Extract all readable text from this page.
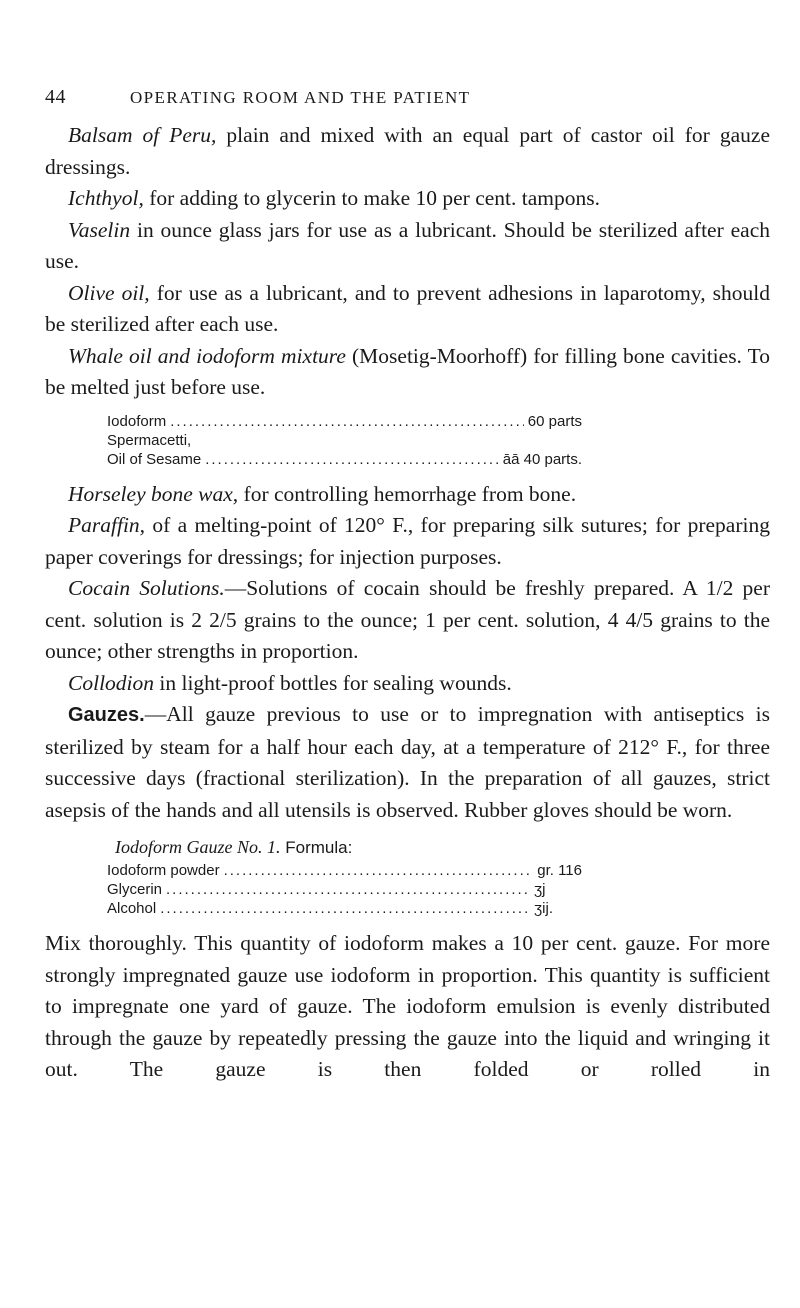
44	OPERATING ROOM AND THE PATIENT

Balsam of Peru, plain and mixed with an equal part of castor oil for gauze dressings.

Ichthyol, for adding to glycerin to make 10 per cent. tampons.

Vaselin in ounce glass jars for use as a lubricant. Should be sterilized after each use.

Olive oil, for use as a lubricant, and to prevent adhesions in laparotomy, should be sterilized after each use.

Whale oil and iodoform mixture (Mosetig-Moorhoff) for filling bone cavities. To be melted just before use.

Iodoform .....	60 parts
Spermacetti,
Oil of Sesame .....	āā 40 parts.

Horseley bone wax, for controlling hemorrhage from bone.

Paraffin, of a melting-point of 120° F., for preparing silk sutures; for preparing paper coverings for dressings; for injection purposes.

Cocain Solutions.—Solutions of cocain should be freshly prepared. A 1/2 per cent. solution is 2 2/5 grains to the ounce; 1 per cent. solution, 4 4/5 grains to the ounce; other strengths in proportion.

Collodion in light-proof bottles for sealing wounds.

Gauzes.—All gauze previous to use or to impregnation with antiseptics is sterilized by steam for a half hour each day, at a temperature of 212° F., for three successive days (fractional sterilization). In the preparation of all gauzes, strict asepsis of the hands and all utensils is observed. Rubber gloves should be worn.

Iodoform Gauze No. 1. Formula:
Iodoform powder .....	gr. 116
Glycerin .....	ʒj
Alcohol .....	ʒij.

Mix thoroughly. This quantity of iodoform makes a 10 per cent. gauze. For more strongly impregnated gauze use iodoform in proportion. This quantity is sufficient to impregnate one yard of gauze. The iodoform emulsion is evenly distributed through the gauze by repeatedly pressing the gauze into the liquid and wringing it out. The gauze is then folded or rolled in
